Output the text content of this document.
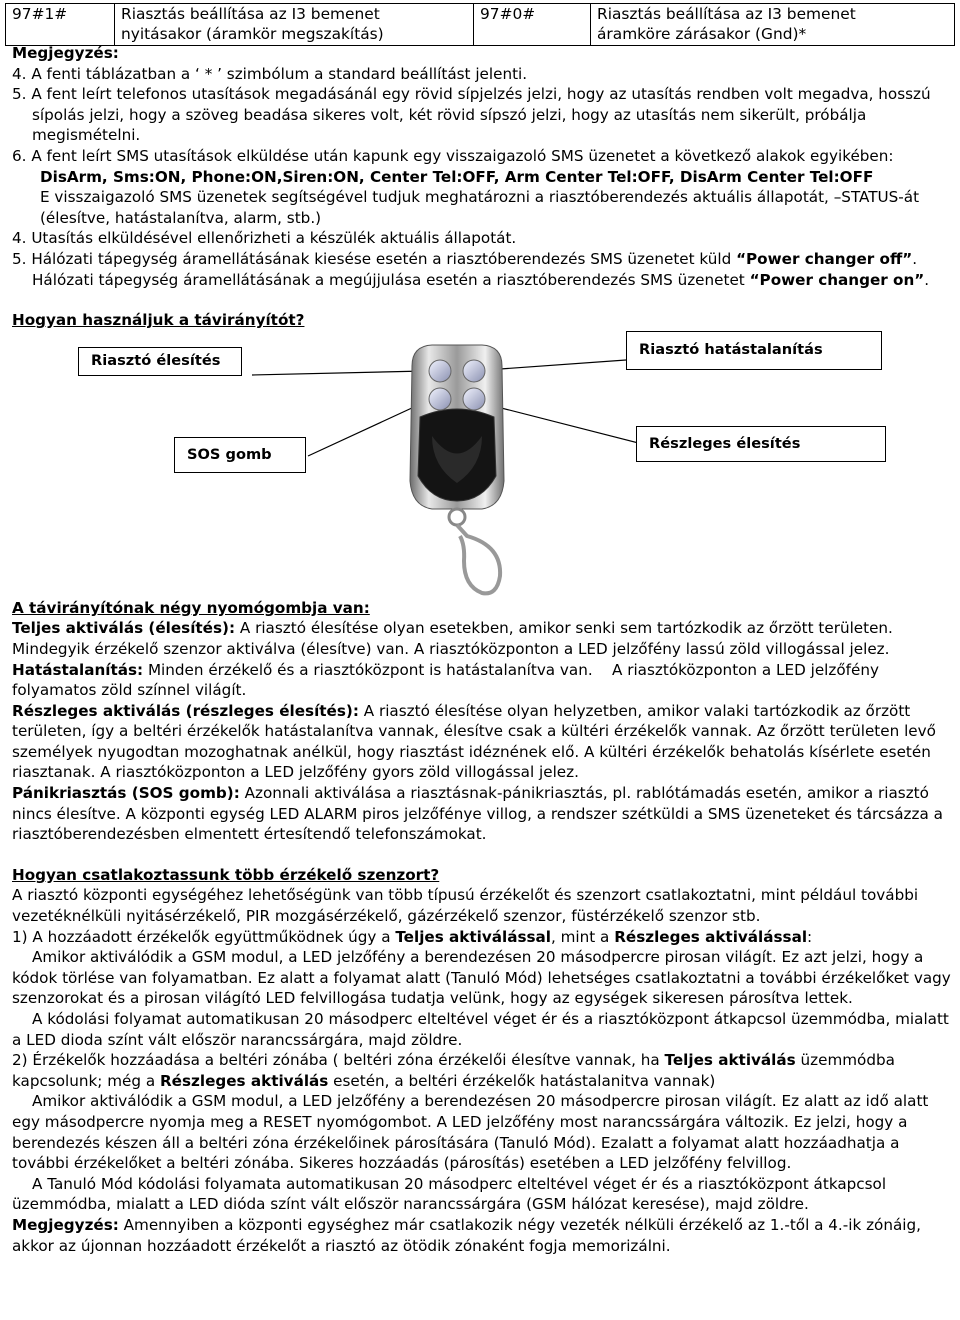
97#1#	Riasztás beállítása az I3 bemenet
nyitásakor (áramkör megszakítás)	97#0#	Riasztás beállítása az I3 bemenet
áramköre zárásakor (Gnd)*

Megjegyzés:

4. A fenti táblázatban a ‘ * ’ szimbólum a standard beállítást jelenti.

5. A fent leírt telefonos utasítások megadásánál egy rövid sípjelzés jelzi, hogy az utasítás rendben volt megadva, hosszú sípolás jelzi, hogy a szöveg beadása sikeres volt, két rövid sípszó jelzi, hogy az utasítás nem sikerült, próbálja megismételni.

6. A fent leírt SMS utasítások elküldése után kapunk egy visszaigazoló SMS üzenetet a következő alakok egyikében:

DisArm, Sms:ON, Phone:ON,Siren:ON, Center Tel:OFF, Arm Center Tel:OFF, DisArm Center Tel:OFF

E visszaigazoló SMS üzenetek segítségével tudjuk meghatározni a riasztóberendezés aktuális állapotát, –STATUS-át (élesítve, hatástalanítva, alarm, stb.)

4. Utasítás elküldésével ellenőrizheti a készülék aktuális állapotát.

5. Hálózati tápegység áramellátásának kiesése esetén a riasztóberendezés SMS üzenetet küld “Power changer off”.

Hálózati tápegység áramellátásának a megújjulása esetén a riasztóberendezés SMS üzenetet “Power changer on”.

Hogyan használjuk a távirányítót?

Riasztó élesítés
Riasztó hatástalanítás
SOS gomb
Részleges élesítés

A távirányítónak négy nyomógombja van:

Teljes aktiválás (élesítés): A riasztó élesítése olyan esetekben, amikor senki sem tartózkodik az őrzött területen. Mindegyik érzékelő szenzor aktiválva (élesítve) van. A riasztóközponton a LED jelzőfény lassú zöld villogással jelez.

Hatástalanítás: Minden érzékelő és a riasztóközpont is hatástalanítva van.    A riasztóközponton a LED jelzőfény folyamatos zöld színnel világít.

Részleges aktiválás (részleges élesítés): A riasztó élesítése olyan helyzetben, amikor valaki tartózkodik az őrzött területen, így a beltéri érzékelők hatástalanítva vannak, élesítve csak a kültéri érzékelők vannak. Az őrzött területen levő személyek nyugodtan mozoghatnak anélkül, hogy riasztást idéznének elő. A kültéri érzékelők behatolás kísérlete esetén riasztanak. A riasztóközponton a LED jelzőfény gyors zöld villogással jelez.

Pánikriasztás (SOS gomb): Azonnali aktiválása a riasztásnak-pánikriasztás, pl. rablótámadás esetén, amikor a riasztó nincs élesítve. A központi egység LED ALARM piros jelzőfénye villog, a rendszer szétküldi a SMS üzeneteket és tárcsázza a riasztóberendezésben elmentett értesítendő telefonszámokat.

Hogyan csatlakoztassunk több érzékelő szenzort?

A riasztó központi egységéhez lehetőségünk van több típusú érzékelőt és szenzort csatlakoztatni, mint például további vezetéknélküli nyitásérzékelő, PIR mozgásérzékelő, gázérzékelő szenzor, füstérzékelő szenzor stb.

1) A hozzáadott érzékelők együttműködnek úgy a Teljes aktiválással, mint a Részleges aktiválással:

Amikor aktiválódik a GSM modul, a LED jelzőfény a berendezésen 20 másodpercre pirosan világít. Ez azt jelzi, hogy a kódok törlése van folyamatban. Ez alatt a folyamat alatt (Tanuló Mód) lehetséges csatlakoztatni a további érzékelőket vagy szenzorokat és a pirosan világító LED felvillogása tudatja velünk, hogy az egységek sikeresen párosítva lettek.

A kódolási folyamat automatikusan 20 másodperc elteltével véget ér és a riasztóközpont átkapcsol üzemmódba, mialatt a LED dioda színt vált először narancssárgára, majd zöldre.

2) Érzékelők hozzáadása a beltéri zónába ( beltéri zóna érzékelői élesítve vannak, ha Teljes aktiválás üzemmódba kapcsolunk; még a Részleges aktiválás esetén, a beltéri érzékelők hatástalanitva vannak)

Amikor aktiválódik a GSM modul, a LED jelzőfény a berendezésen 20 másodpercre pirosan világít. Ez alatt az idő alatt egy másodpercre nyomja meg a RESET nyomógombot. A LED jelzőfény most narancssárgára változik. Ez jelzi, hogy a berendezés készen áll a beltéri zóna érzékelőinek párosítására (Tanuló Mód). Ezalatt a folyamat alatt hozzáadhatja a további érzékelőket a beltéri zónába. Sikeres hozzáadás (párosítás) esetében a LED jelzőfény felvillog.

A Tanuló Mód kódolási folyamata automatikusan 20 másodperc elteltével véget ér és a riasztóközpont átkapcsol üzemmódba, mialatt a LED dióda színt vált először narancssárgára (GSM hálózat keresése), majd zöldre.

Megjegyzés: Amennyiben a központi egységhez már csatlakozik négy vezeték nélküli érzékelő az 1.-től a 4.-ik zónáig, akkor az újonnan hozzáadott érzékelőt a riasztó az ötödik zónaként fogja memorizálni.
